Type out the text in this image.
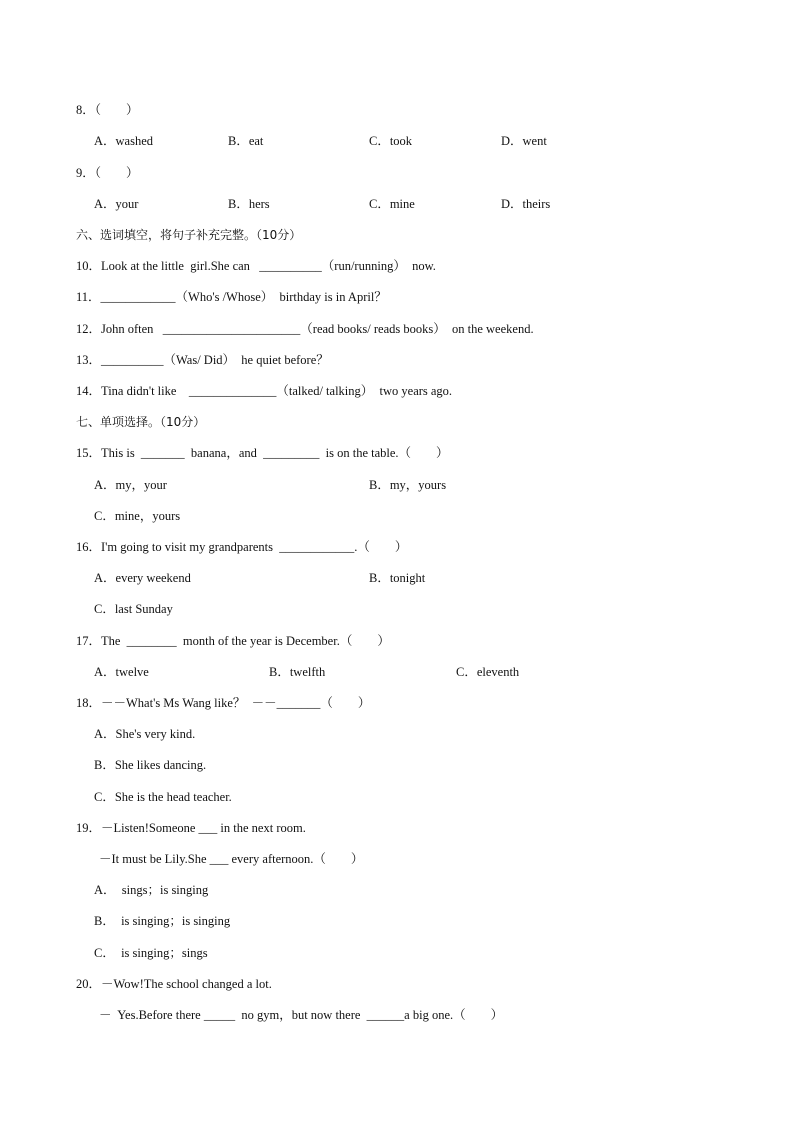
8．（　　）
A．washed	B．eat	C．took	D．went
9．（　　）
A．your	B．hers	C．mine	D．theirs
六、选词填空，将句子补充完整。（10分）
10．Look at the little  girl.She can   __________（run/running）  now.
11．____________（Who's /Whose）  birthday is in April？
12．John often   ______________________（read books/ reads books）  on the weekend.
13．__________（Was/ Did）  he quiet before？
14．Tina didn't like    ______________（talked/ talking）  two years ago.
七、单项选择。（10分）
15．This is  _______  banana，and  _________  is on the table.（　　）
A．my，your	B．my，yours
C．mine，yours
16．I'm going to visit my grandparents  ____________.（　　）
A．every weekend	B．tonight
C．last Sunday
17．The  ________  month of the year is December.（　　）
A．twelve	B．twelfth	C．eleventh
18．－－What's Ms Wang like？  －－_______（　　）
A．She's very kind.
B．She likes dancing.
C．She is the head teacher.
19．－Listen!Someone ___ in the next room.
－It must be Lily.She ___ every afternoon.（　　）
A．  sings；is singing
B．  is singing；is singing
C．  is singing；sings
20．－Wow!The school changed a lot.
－  Yes.Before there _____  no gym，but now there  ______a big one.（　　）
